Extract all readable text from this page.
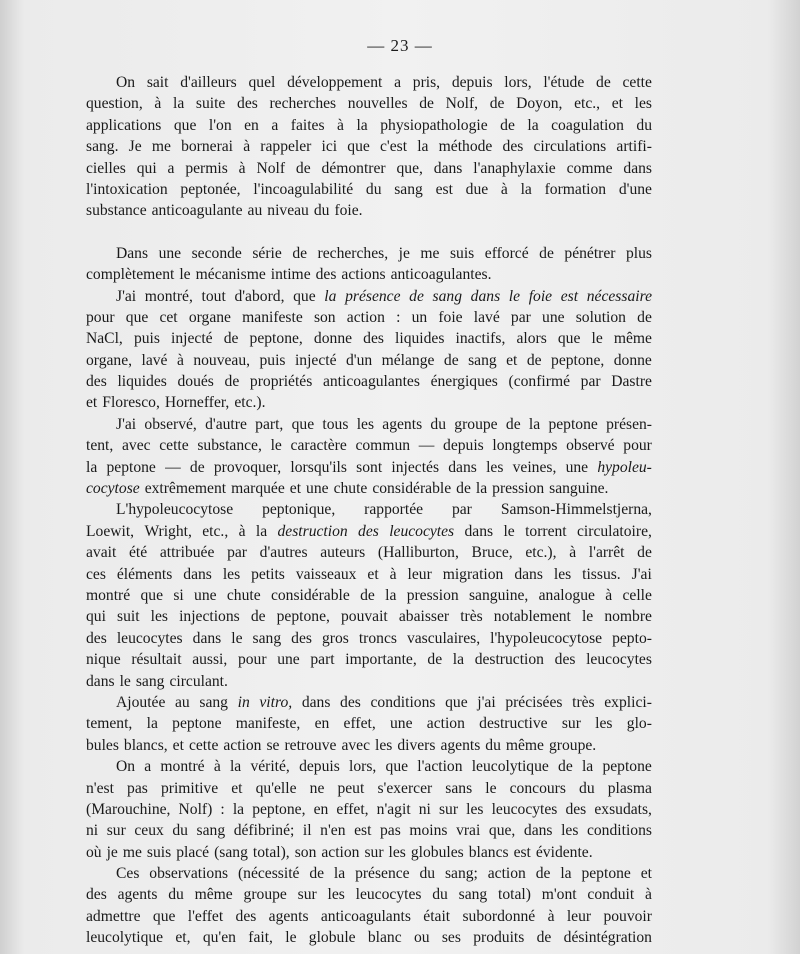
— 23 —
On sait d'ailleurs quel développement a pris, depuis lors, l'étude de cette
question, à la suite des recherches nouvelles de Nolf, de Doyon, etc., et les
applications que l'on en a faites à la physiopathologie de la coagulation du
sang. Je me bornerai à rappeler ici que c'est la méthode des circulations artifi-
cielles qui a permis à Nolf de démontrer que, dans l'anaphylaxie comme dans
l'intoxication peptonée, l'incoagulabilité du sang est due à la formation d'une
substance anticoagulante au niveau du foie.
Dans une seconde série de recherches, je me suis efforcé de pénétrer plus
complètement le mécanisme intime des actions anticoagulantes.
J'ai montré, tout d'abord, que la présence de sang dans le foie est nécessaire
pour que cet organe manifeste son action : un foie lavé par une solution de
NaCl, puis injecté de peptone, donne des liquides inactifs, alors que le même
organe, lavé à nouveau, puis injecté d'un mélange de sang et de peptone, donne
des liquides doués de propriétés anticoagulantes énergiques (confirmé par Dastre
et Floresco, Horneffer, etc.).
J'ai observé, d'autre part, que tous les agents du groupe de la peptone présen-
tent, avec cette substance, le caractère commun — depuis longtemps observé pour
la peptone — de provoquer, lorsqu'ils sont injectés dans les veines, une hypoleu-
cocytose extrêmement marquée et une chute considérable de la pression sanguine.
L'hypoleucocytose peptonique, rapportée par Samson-Himmelstjerna,
Loewit, Wright, etc., à la destruction des leucocytes dans le torrent circulatoire,
avait été attribuée par d'autres auteurs (Halliburton, Bruce, etc.), à l'arrêt de
ces éléments dans les petits vaisseaux et à leur migration dans les tissus. J'ai
montré que si une chute considérable de la pression sanguine, analogue à celle
qui suit les injections de peptone, pouvait abaisser très notablement le nombre
des leucocytes dans le sang des gros troncs vasculaires, l'hypoleucocytose pepto-
nique résultait aussi, pour une part importante, de la destruction des leucocytes
dans le sang circulant.
Ajoutée au sang in vitro, dans des conditions que j'ai précisées très explici-
tement, la peptone manifeste, en effet, une action destructive sur les glo-
bules blancs, et cette action se retrouve avec les divers agents du même groupe.
On a montré à la vérité, depuis lors, que l'action leucolytique de la peptone
n'est pas primitive et qu'elle ne peut s'exercer sans le concours du plasma
(Marouchine, Nolf) : la peptone, en effet, n'agit ni sur les leucocytes des exsudats,
ni sur ceux du sang défibriné; il n'en est pas moins vrai que, dans les conditions
où je me suis placé (sang total), son action sur les globules blancs est évidente.
Ces observations (nécessité de la présence du sang; action de la peptone et
des agents du même groupe sur les leucocytes du sang total) m'ont conduit à
admettre que l'effet des agents anticoagulants était subordonné à leur pouvoir
leucolytique et, qu'en fait, le globule blanc ou ses produits de désintégration
